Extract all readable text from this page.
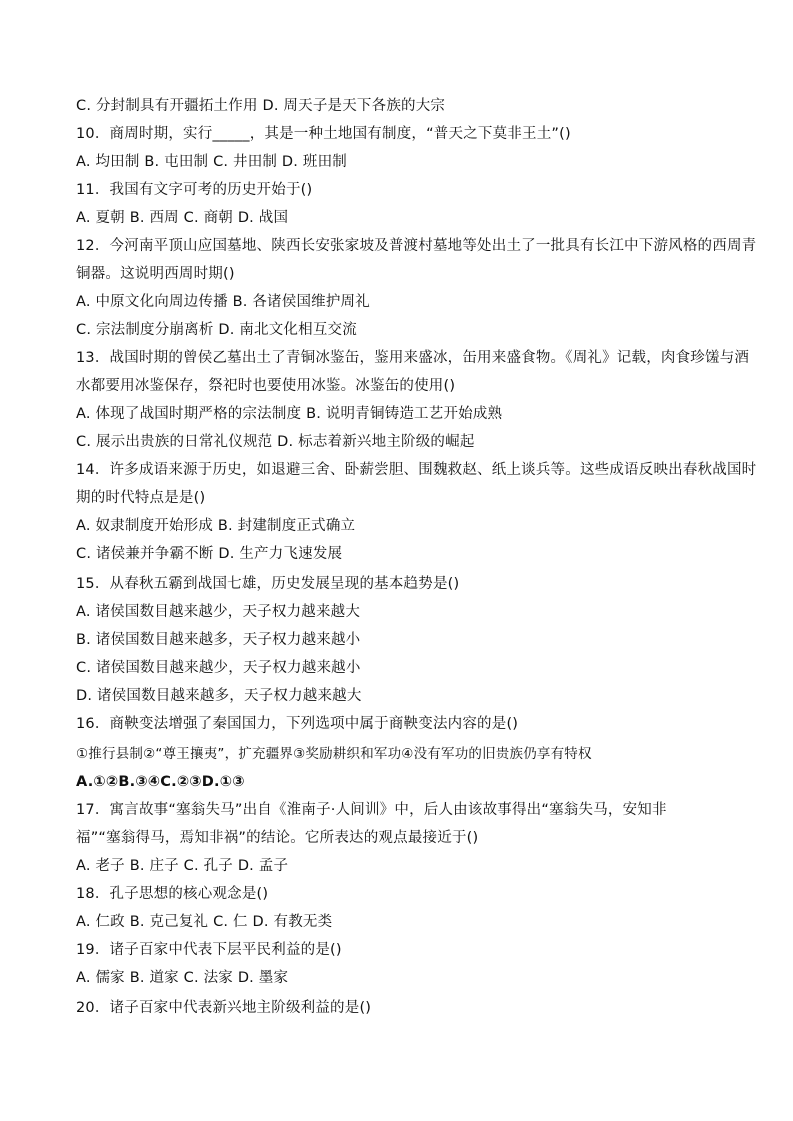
C. 分封制具有开疆拓土作用 D. 周天子是天下各族的大宗
10．商周时期，实行_____，其是一种土地国有制度，“普天之下莫非王土”()
A. 均田制 B. 屯田制 C. 井田制 D. 班田制
11．我国有文字可考的历史开始于()
A. 夏朝 B. 西周 C. 商朝 D. 战国
12．今河南平顶山应国墓地、陕西长安张家坡及普渡村墓地等处出土了一批具有长江中下游风格的西周青
铜器。这说明西周时期()
A. 中原文化向周边传播 B. 各诸侯国维护周礼
C. 宗法制度分崩离析 D. 南北文化相互交流
13．战国时期的曾侯乙墓出土了青铜冰鉴缶，鉴用来盛冰，缶用来盛食物。《周礼》记载，肉食珍馐与酒
水都要用冰鉴保存，祭祀时也要使用冰鉴。冰鉴缶的使用()
A. 体现了战国时期严格的宗法制度 B. 说明青铜铸造工艺开始成熟
C. 展示出贵族的日常礼仪规范 D. 标志着新兴地主阶级的崛起
14．许多成语来源于历史，如退避三舍、卧薪尝胆、围魏救赵、纸上谈兵等。这些成语反映出春秋战国时
期的时代特点是是()
A. 奴隶制度开始形成 B. 封建制度正式确立
C. 诸侯兼并争霸不断 D. 生产力飞速发展
15．从春秋五霸到战国七雄，历史发展呈现的基本趋势是()
A. 诸侯国数目越来越少，天子权力越来越大
B. 诸侯国数目越来越多，天子权力越来越小
C. 诸侯国数目越来越少，天子权力越来越小
D. 诸侯国数目越来越多，天子权力越来越大
16．商鞅变法增强了秦国国力，下列选项中属于商鞅变法内容的是()
①推行县制②“尊王攘夷”，扩充疆界③奖励耕织和军功④没有军功的旧贵族仍享有特权
A.①②B.③④C.②③D.①③
17．寓言故事“塞翁失马”出自《淮南子·人间训》中，后人由该故事得出“塞翁失马，安知非
福”“塞翁得马，焉知非祸”的结论。它所表达的观点最接近于()
A. 老子 B. 庄子 C. 孔子 D. 孟子
18．孔子思想的核心观念是()
A. 仁政 B. 克己复礼 C. 仁 D. 有教无类
19．诸子百家中代表下层平民利益的是()
A. 儒家 B. 道家 C. 法家 D. 墨家
20．诸子百家中代表新兴地主阶级利益的是()
